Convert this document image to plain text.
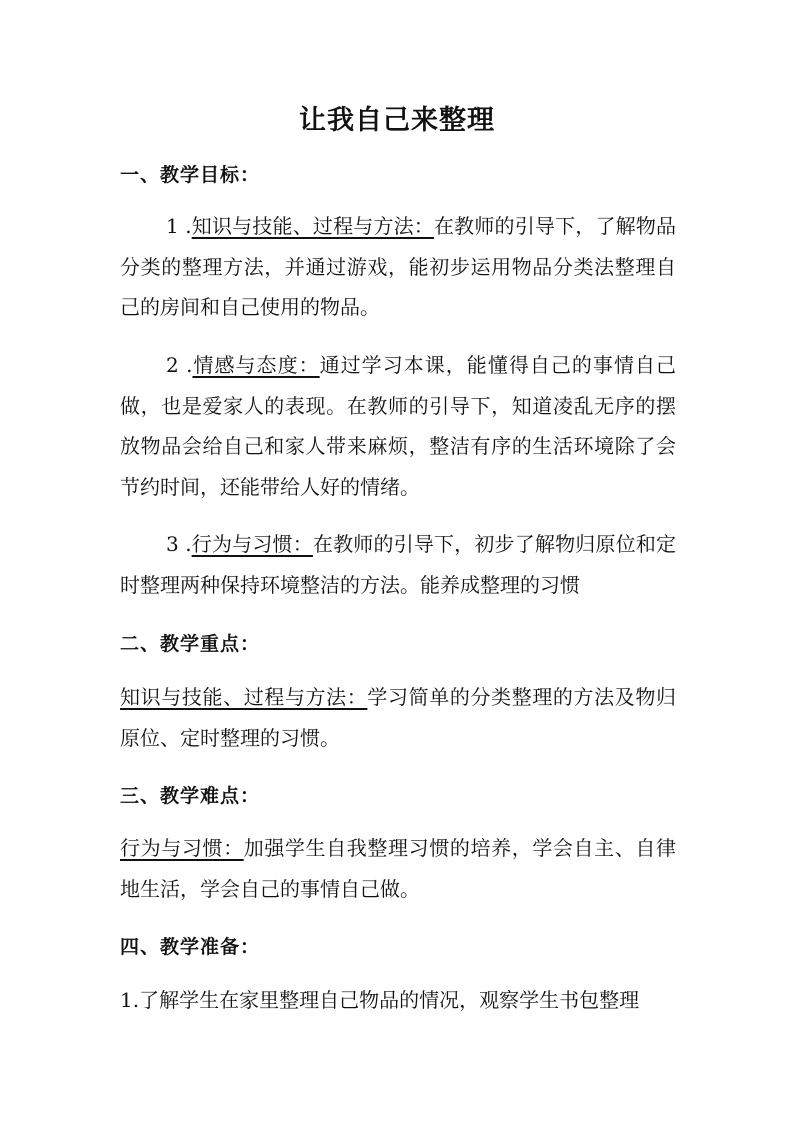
让我自己来整理
一、教学目标：

1 .知识与技能、过程与方法：在教师的引导下，了解物品分类的整理方法，并通过游戏，能初步运用物品分类法整理自己的房间和自己使用的物品。

2 .情感与态度：通过学习本课，能懂得自己的事情自己做，也是爱家人的表现。在教师的引导下，知道凌乱无序的摆放物品会给自己和家人带来麻烦，整洁有序的生活环境除了会节约时间，还能带给人好的情绪。

3 .行为与习惯：在教师的引导下，初步了解物归原位和定时整理两种保持环境整洁的方法。能养成整理的习惯

二、教学重点：

知识与技能、过程与方法：学习简单的分类整理的方法及物归原位、定时整理的习惯。

三、教学难点：

行为与习惯：加强学生自我整理习惯的培养，学会自主、自律地生活，学会自己的事情自己做。

四、教学准备：

1.了解学生在家里整理自己物品的情况，观察学生书包整理
